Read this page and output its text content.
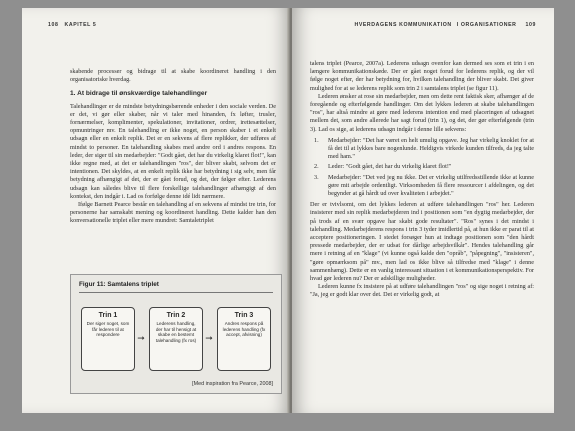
108 KAPITEL 5

skabende processer og bidrage til at skabe koordineret handling i den organisatoriske hverdag.

1. At bidrage til ønskværdige talehandlinger

Talehandlinger er de mindste betydningsbærende enheder i den sociale verden. De er det, vi gør eller skaber, når vi taler med hinanden, fx løfter, trusler, fornærmelser, komplimenter, spekulationer, invitationer, ordrer, irettesættelser, opmuntringer mv. En talehandling er ikke noget, en person skaber i et enkelt udsagn eller en enkelt replik. Det er en sekvens af flere replikker, der udføres af mindst to personer. En talehandling skabes med andre ord i andres respons. En leder, der siger til sin medarbejder: "Godt gået, det har du virkelig klaret flot!", kan ikke regne med, at det er talehandlingen "ros", der bliver skabt, selvom det er intentionen. Det skyldes, at en enkelt replik ikke har betydning i sig selv, men får betydning afhængigt af det, der er gået forud, og det, der følger efter. Lederens udsagn kan således blive til flere forskellige talehandlinger afhængigt af den kontekst, den indgår i. Lad os forfølge denne idé lidt nærmere.

Ifølge Barnett Pearce består en talehandling af en sekvens af mindst tre trin, for personerne har samskabt mening og koordineret handling. Dette kalder han den konversationelle triplet eller mere mundret: Samtaletriplet

Figur 11: Samtalens triplet
Trin 1
Der siger noget, som får lederen til at respondere	➞
Trin 2
Lederens handling, der har til hensigt at skabe en bestemt talehandling (fx ros)	➞
Trin 3
Andres respons på lederens handling (fx accept, afvisning)
[Med inspiration fra Pearce, 2008]
HVERDAGENS KOMMUNIKATION I ORGANISATIONER 109

talens triplet (Pearce, 2007a). Lederens udsagn ovenfor kan dermed ses som et trin i en længere kommunikationskæde. Der er gået noget forud for lederens replik, og der vil følge noget efter, der har betydning for, hvilken talehandling der bliver skabt. Det giver mulighed for at se lederens replik som trin 2 i samtalens triplet (se figur 11).

Lederen ønsker at rose sin medarbejder, men om dette rent faktisk sker, afhænger af de foregående og efterfølgende handlinger. Om det lykkes lederen at skabe talehandlingen "ros", har altså mindre at gøre med lederens intention end med placeringen af udsagnet mellem det, som andre allerede har sagt forud (trin 1), og det, der gør efterfølgende (trin 3). Lad os sige, at lederens udsagn indgår i denne lille sekvens:

1.	Medarbejder: "Det har været en helt umulig opgave. Jeg har virkelig knoklet for at få det til at lykkes bare nogenlunde. Heldigvis virkede kunden tilfreds, da jeg talte med ham."
2.	Leder: "Godt gået, det har du virkelig klaret flot!"
3.	Medarbejder: "Det ved jeg nu ikke. Det er virkelig utilfredsstillende ikke at kunne gøre mit arbejde ordentligt. Virksomheden få flere ressourcer i afdelingen, og det begynder at gå hårdt ud over kvaliteten i arbejdet."

Der er tvivlsomt, om det lykkes lederen at udføre talehandlingen "ros" her. Lederen insisterer med sin replik medarbejderen ind i positionen som "en dygtig medarbejder, der på trods af en svær opgave har skabt gode resultater". "Ros" synes i det mindst i talehandling. Medarbejderens respons i trin 3 tyder imidlertid på, at hun ikke er parat til at acceptere positioneringen. I stedet forsøger hun at indtage positionen som "den hårdt pressede medarbejder, der er udsat for dårlige arbejdsvilkår". Hendes talehandling går mere i retning af en "klage" (vi kunne også kalde den "opråb", "påpegning", "insisteren", "gøre opmærksom på" mv., men lad os ikke blive så tilfredse med "klage" i denne sammenhæng). Dette er en vanlig interessant situation i et kommunikationsperspektiv. For hvad gør lederen nu? Der er adskillige muligheder.

Lederen kunne fx insistere på at udføre talehandlingen "ros" og sige noget i retning af: "Ja, jeg er godt klar over det. Det er virkelig godt, at
